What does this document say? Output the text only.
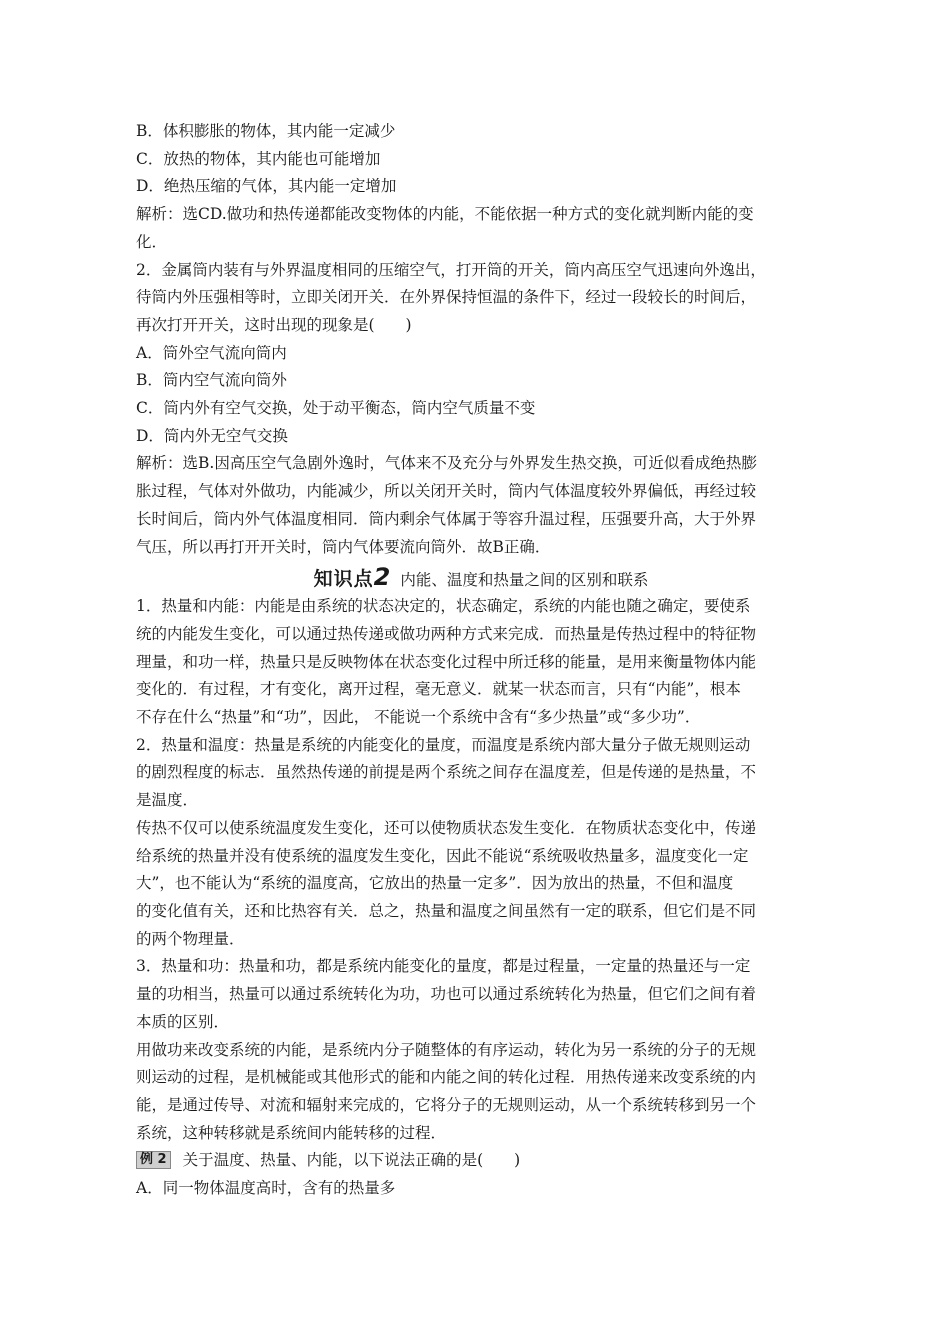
B．体积膨胀的物体，其内能一定减少
C．放热的物体，其内能也可能增加
D．绝热压缩的气体，其内能一定增加
解析：选CD.做功和热传递都能改变物体的内能，不能依据一种方式的变化就判断内能的变
化．
2．金属筒内装有与外界温度相同的压缩空气，打开筒的开关，筒内高压空气迅速向外逸出，
待筒内外压强相等时，立即关闭开关．在外界保持恒温的条件下，经过一段较长的时间后，
再次打开开关，这时出现的现象是(　　)
A．筒外空气流向筒内
B．筒内空气流向筒外
C．筒内外有空气交换，处于动平衡态，筒内空气质量不变
D．筒内外无空气交换
解析：选B.因高压空气急剧外逸时，气体来不及充分与外界发生热交换，可近似看成绝热膨
胀过程，气体对外做功，内能减少，所以关闭开关时，筒内气体温度较外界偏低，再经过较
长时间后，筒内外气体温度相同．筒内剩余气体属于等容升温过程，压强要升高，大于外界
气压，所以再打开开关时，筒内气体要流向筒外．故B正确．
知识点2 内能、温度和热量之间的区别和联系
1．热量和内能：内能是由系统的状态决定的，状态确定，系统的内能也随之确定，要使系
统的内能发生变化，可以通过热传递或做功两种方式来完成．而热量是传热过程中的特征物
理量，和功一样，热量只是反映物体在状态变化过程中所迁移的能量，是用来衡量物体内能
变化的．有过程，才有变化，离开过程，毫无意义．就某一状态而言，只有“内能”，根本
不存在什么“热量”和“功”，因此， 不能说一个系统中含有“多少热量”或“多少功”．
2．热量和温度：热量是系统的内能变化的量度，而温度是系统内部大量分子做无规则运动
的剧烈程度的标志．虽然热传递的前提是两个系统之间存在温度差，但是传递的是热量，不
是温度．
传热不仅可以使系统温度发生变化，还可以使物质状态发生变化．在物质状态变化中，传递
给系统的热量并没有使系统的温度发生变化，因此不能说“系统吸收热量多，温度变化一定
大”，也不能认为“系统的温度高，它放出的热量一定多”．因为放出的热量，不但和温度
的变化值有关，还和比热容有关．总之，热量和温度之间虽然有一定的联系，但它们是不同
的两个物理量．
3．热量和功：热量和功，都是系统内能变化的量度，都是过程量，一定量的热量还与一定
量的功相当，热量可以通过系统转化为功，功也可以通过系统转化为热量，但它们之间有着
本质的区别．
用做功来改变系统的内能，是系统内分子随整体的有序运动，转化为另一系统的分子的无规
则运动的过程，是机械能或其他形式的能和内能之间的转化过程．用热传递来改变系统的内
能，是通过传导、对流和辐射来完成的，它将分子的无规则运动，从一个系统转移到另一个
系统，这种转移就是系统间内能转移的过程．
例 2 关于温度、热量、内能，以下说法正确的是(　　)
A．同一物体温度高时，含有的热量多
